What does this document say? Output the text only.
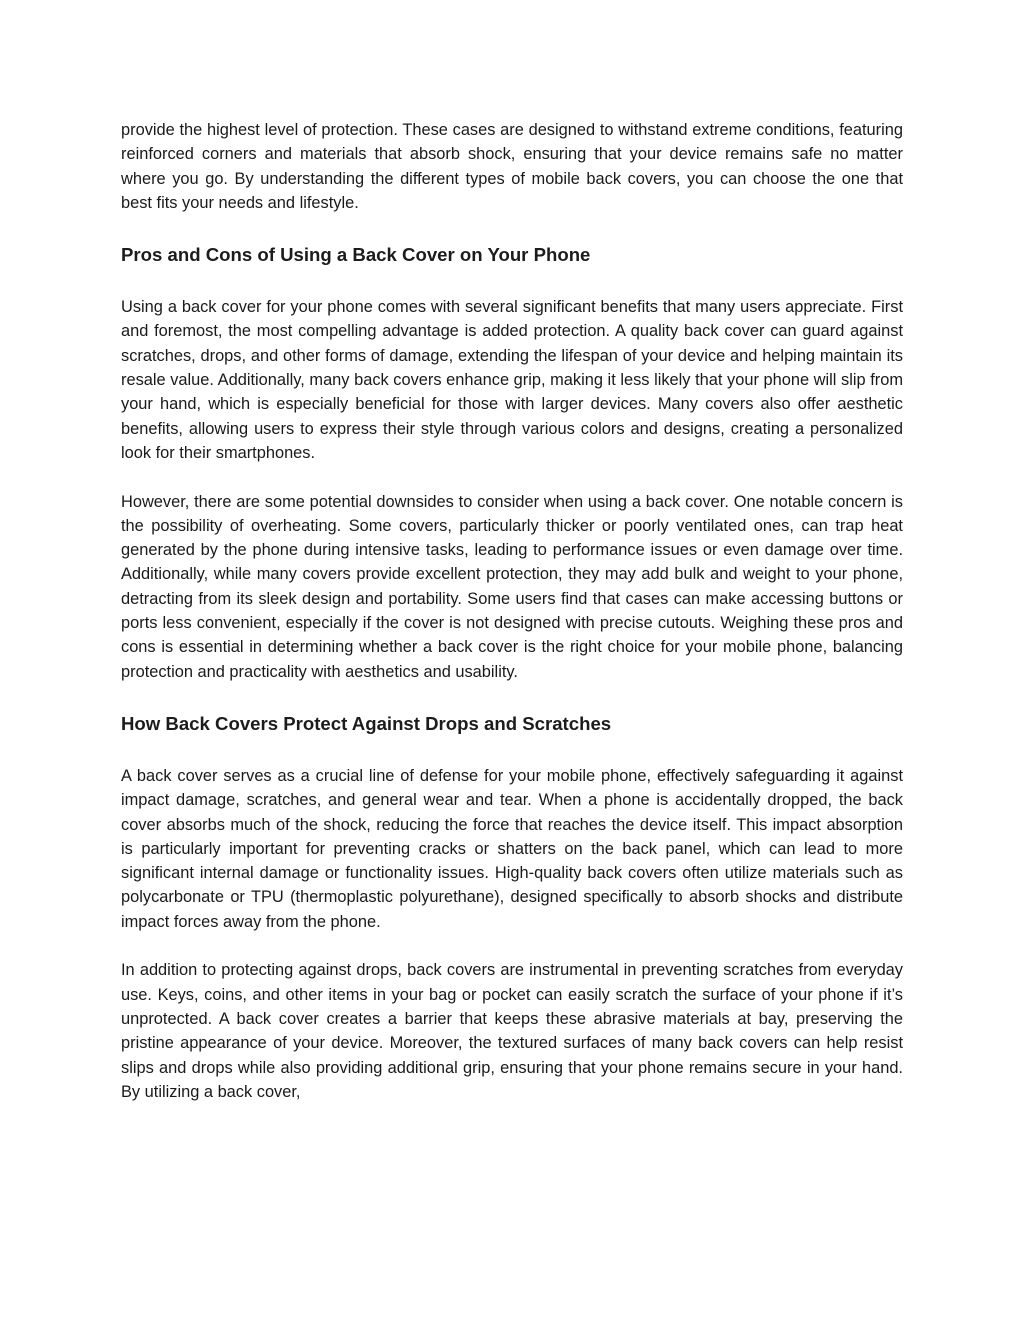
provide the highest level of protection. These cases are designed to withstand extreme conditions, featuring reinforced corners and materials that absorb shock, ensuring that your device remains safe no matter where you go. By understanding the different types of mobile back covers, you can choose the one that best fits your needs and lifestyle.

Pros and Cons of Using a Back Cover on Your Phone

Using a back cover for your phone comes with several significant benefits that many users appreciate. First and foremost, the most compelling advantage is added protection. A quality back cover can guard against scratches, drops, and other forms of damage, extending the lifespan of your device and helping maintain its resale value. Additionally, many back covers enhance grip, making it less likely that your phone will slip from your hand, which is especially beneficial for those with larger devices. Many covers also offer aesthetic benefits, allowing users to express their style through various colors and designs, creating a personalized look for their smartphones.

However, there are some potential downsides to consider when using a back cover. One notable concern is the possibility of overheating. Some covers, particularly thicker or poorly ventilated ones, can trap heat generated by the phone during intensive tasks, leading to performance issues or even damage over time. Additionally, while many covers provide excellent protection, they may add bulk and weight to your phone, detracting from its sleek design and portability. Some users find that cases can make accessing buttons or ports less convenient, especially if the cover is not designed with precise cutouts. Weighing these pros and cons is essential in determining whether a back cover is the right choice for your mobile phone, balancing protection and practicality with aesthetics and usability.

How Back Covers Protect Against Drops and Scratches

A back cover serves as a crucial line of defense for your mobile phone, effectively safeguarding it against impact damage, scratches, and general wear and tear. When a phone is accidentally dropped, the back cover absorbs much of the shock, reducing the force that reaches the device itself. This impact absorption is particularly important for preventing cracks or shatters on the back panel, which can lead to more significant internal damage or functionality issues. High-quality back covers often utilize materials such as polycarbonate or TPU (thermoplastic polyurethane), designed specifically to absorb shocks and distribute impact forces away from the phone.

In addition to protecting against drops, back covers are instrumental in preventing scratches from everyday use. Keys, coins, and other items in your bag or pocket can easily scratch the surface of your phone if it’s unprotected. A back cover creates a barrier that keeps these abrasive materials at bay, preserving the pristine appearance of your device. Moreover, the textured surfaces of many back covers can help resist slips and drops while also providing additional grip, ensuring that your phone remains secure in your hand. By utilizing a back cover,
